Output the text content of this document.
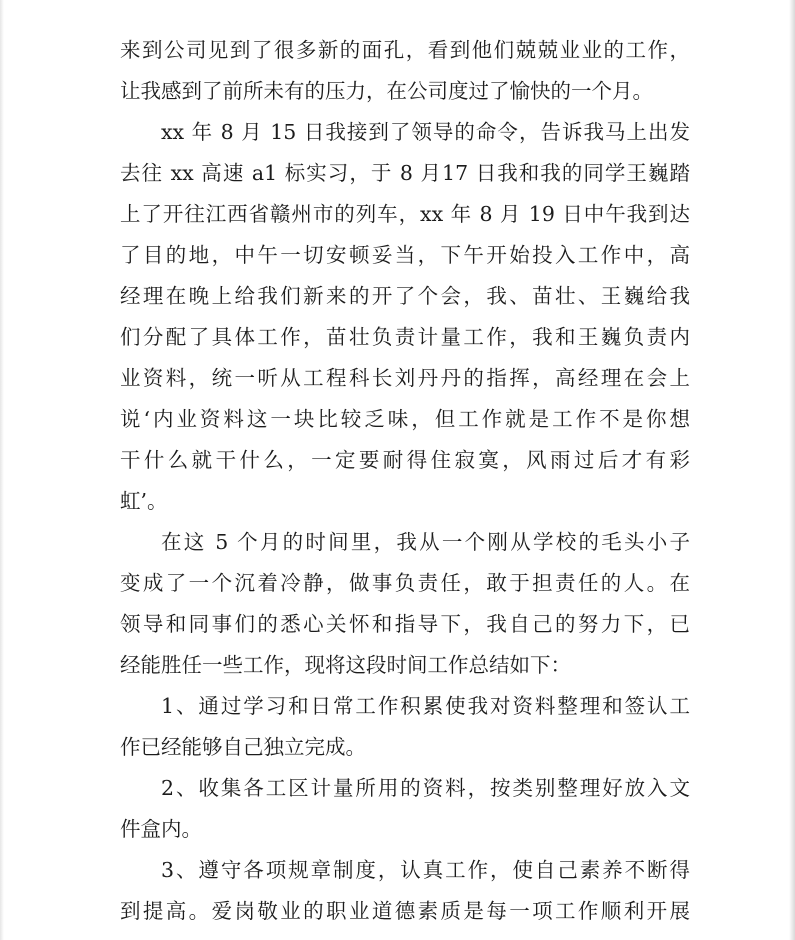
来到公司见到了很多新的面孔，看到他们兢兢业业的工作，
让我感到了前所未有的压力，在公司度过了愉快的一个月。
xx 年 8 月 15 日我接到了领导的命令，告诉我马上出发
去往 xx 高速 a1 标实习，于 8 月17 日我和我的同学王巍踏
上了开往江西省赣州市的列车，xx 年 8 月 19 日中午我到达
了目的地，中午一切安顿妥当，下午开始投入工作中，高
经理在晚上给我们新来的开了个会，我、苗壮、王巍给我
们分配了具体工作，苗壮负责计量工作，我和王巍负责内
业资料，统一听从工程科长刘丹丹的指挥，高经理在会上
说‘内业资料这一块比较乏味，但工作就是工作不是你想
干什么就干什么，一定要耐得住寂寞，风雨过后才有彩
虹’。
在这 5 个月的时间里，我从一个刚从学校的毛头小子
变成了一个沉着冷静，做事负责任，敢于担责任的人。在
领导和同事们的悉心关怀和指导下，我自己的努力下，已
经能胜任一些工作，现将这段时间工作总结如下：
1、通过学习和日常工作积累使我对资料整理和签认工
作已经能够自己独立完成。
2、收集各工区计量所用的资料，按类别整理好放入文
件盒内。
3、遵守各项规章制度，认真工作，使自己素养不断得
到提高。爱岗敬业的职业道德素质是每一项工作顺利开展
